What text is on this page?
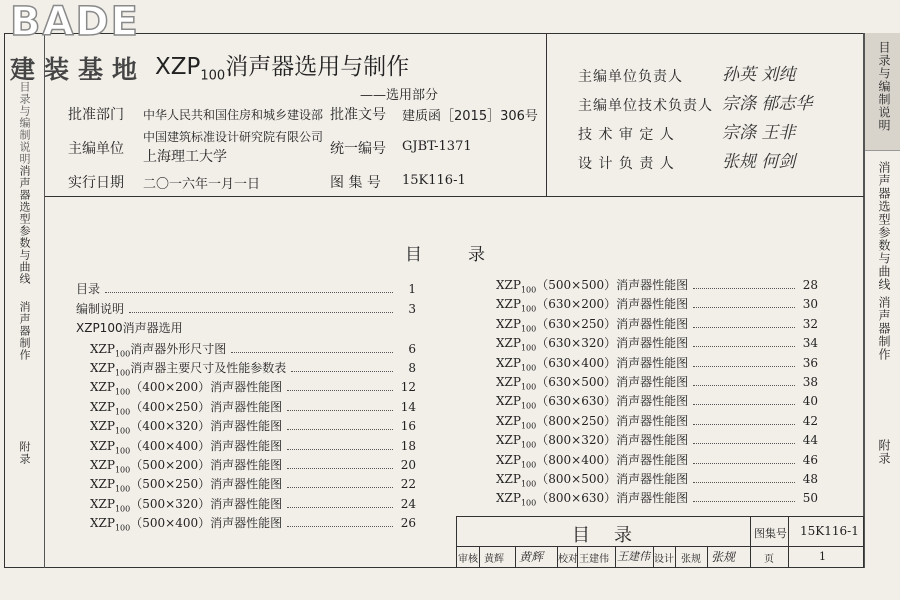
目录与编制说明
消声器选型参数与曲线
消声器制作
附录
目录与编制说明
消声器选型参数与曲线
消声器制作
附录
BADE
建装基地 $XZP_{100}$消声器选用与制作
——选用部分
批准部门 中华人民共和国住房和城乡建设部
主编单位
中国建筑标准设计研究院有限公司
上海理工大学
实行日期 二〇一六年一月一日
批准文号 建质函［2015］306号
统一编号 GJBT-1371
图 集 号 15K116-1
主编单位负责人 孙英 刘纯
主编单位技术负责人 宗涤 郁志华
技 术 审 定 人	宗涤 王非
设 计 负 责 人	张规 何剑
目录
目录	1
编制说明	3
$XZP_{100}$消声器外形尺寸图	6
$XZP_{100}$消声器主要尺寸及性能参数表	8
$XZP_{100}(400\times 200)$消声器性能图	12
$XZP_{100}(400\times 250)$消声器性能图	14
$XZP_{100}(400\times 320)$消声器性能图	16
$XZP_{100}(400\times 400)$消声器性能图	18
$XZP_{100}(500\times 200)$消声器性能图	20
$XZP_{100}(500\times 250)$消声器性能图	22
$XZP_{100}(500\times 320)$消声器性能图	24
$XZP_{100}(500\times 400)$消声器性能图	26
$XZP_{100}(500\times 500)$消声器性能图	28
$XZP_{100}(630\times 200)$消声器性能图	30
$XZP_{100}(630\times 250)$消声器性能图	32
$XZP_{100}(630\times 320)$消声器性能图	34
$XZP_{100}(630\times 400)$消声器性能图	36
$XZP_{100}(630\times 500)$消声器性能图	38
$XZP_{100}(630\times 630)$消声器性能图	40
$XZP_{100}(800\times 250)$消声器性能图	42
$XZP_{100}(800\times 320)$消声器性能图	44
$XZP_{100}(800\times 400)$消声器性能图	46
$XZP_{100}(800\times 500)$消声器性能图	48
$XZP_{100}(800\times 630)$消声器性能图	50
XZP100消声器选用
目录	图集号 15K116-1
审核 黄辉 黄辉 校对 王建伟 王建伟 设计 张规 张规	页	1
